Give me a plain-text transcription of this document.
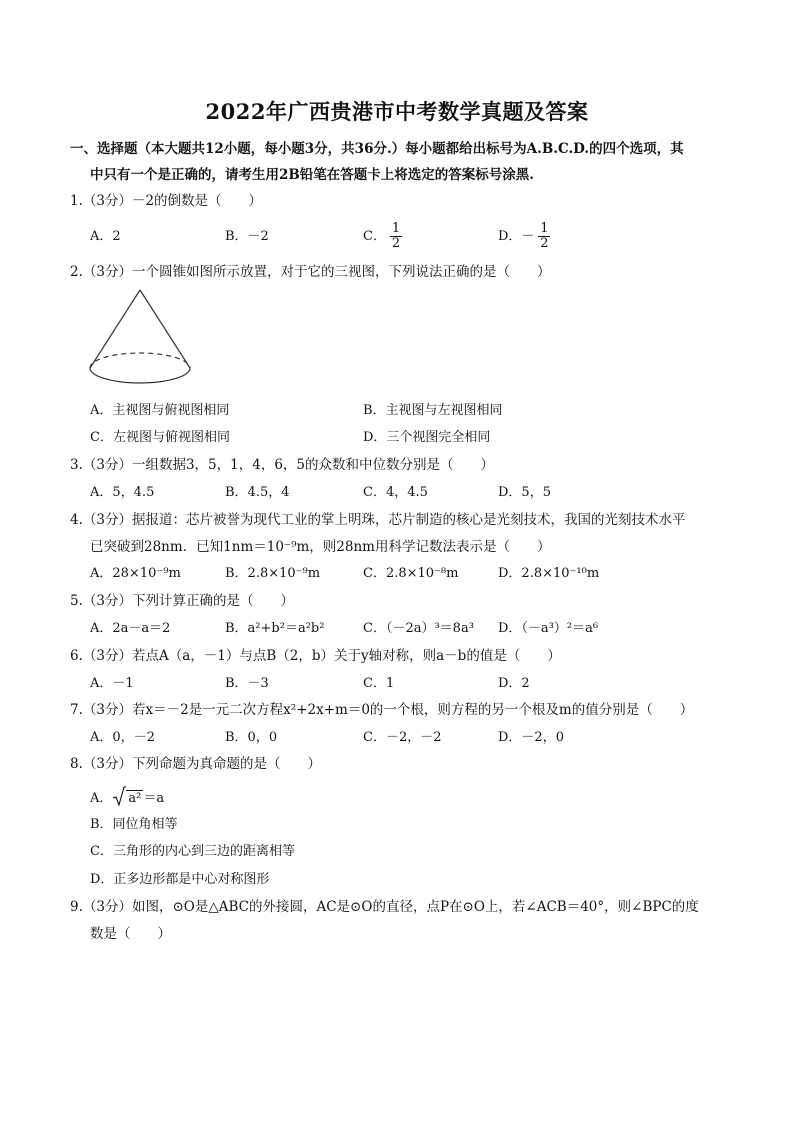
2022年广西贵港市中考数学真题及答案
一、选择题（本大题共12小题，每小题3分，共36分.）每小题都给出标号为A.B.C.D.的四个选项，其
中只有一个是正确的，请考生用2B铅笔在答题卡上将选定的答案标号涂黑.
1.（3分）－2的倒数是（　　）
A．2	B．－2	C． $\frac{1}{2}$	D．－ $\frac{1}{2}$
2.（3分）一个圆锥如图所示放置，对于它的三视图，下列说法正确的是（　　）
A．主视图与俯视图相同	B．主视图与左视图相同
C．左视图与俯视图相同	D．三个视图完全相同
3.（3分）一组数据3，5，1，4，6，5的众数和中位数分别是（　　）
A．5，4.5	B．4.5，4	C．4，4.5	D．5，5
4.（3分）据报道：芯片被誉为现代工业的掌上明珠，芯片制造的核心是光刻技术，我国的光刻技术水平
已突破到28nm．已知1nm＝10⁻⁹m，则28nm用科学记数法表示是（　　）
A．28×10⁻⁹m	B．2.8×10⁻⁹m	C．2.8×10⁻⁸m	D．2.8×10⁻¹⁰m
5.（3分）下列计算正确的是（　　）
A．2a－a＝2	B．a²+b²＝a²b²	C．（－2a）³＝8a³ D．（－a³）²＝a⁶
6.（3分）若点A（a，－1）与点B（2，b）关于y轴对称，则a－b的值是（　　）
A．－1	B．－3	C．1	D．2
7.（3分）若x＝－2是一元二次方程x²+2x+m＝0的一个根，则方程的另一个根及m的值分别是（　　）
A．0，－2	B．0，0	C．－2，－2	D．－2，0
8.（3分）下列命题为真命题的是（　　）
A． a² ＝a
B．同位角相等
C．三角形的内心到三边的距离相等
D．正多边形都是中心对称图形
9.（3分）如图，⊙O是△ABC的外接圆，AC是⊙O的直径，点P在⊙O上，若∠ACB＝40°，则∠BPC的度
数是（　　）
